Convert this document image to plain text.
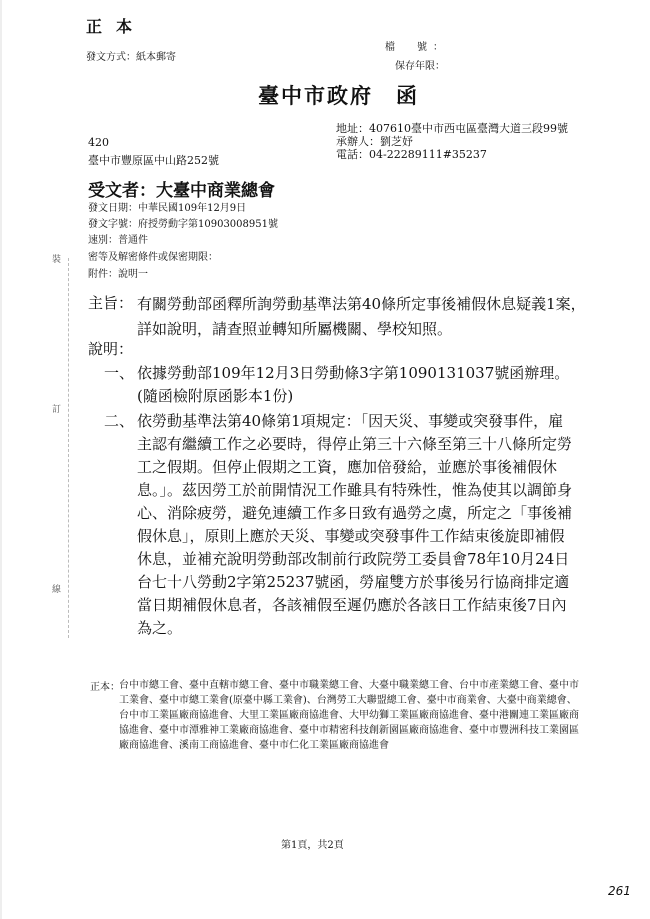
正本
發文方式：紙本郵寄
檔　號：
保存年限：
臺中市政府　函
地址：407610臺中市西屯區臺灣大道三段99號
承辦人：劉芝妤
電話：04-22289111#35237
420
臺中市豐原區中山路252號
受文者：大臺中商業總會
發文日期：中華民國109年12月9日
發文字號：府授勞動字第10903008951號
速別：普通件
密等及解密條件或保密期限：
附件：說明一
裝
訂
線
主旨： 有關勞動部函釋所詢勞動基準法第40條所定事後補假休息疑義1案，詳如說明，請查照並轉知所屬機關、學校知照。
說明：
一、 依據勞動部109年12月3日勞動條3字第1090131037號函辦理。(隨函檢附原函影本1份)
二、 依勞動基準法第40條第1項規定：「因天災、事變或突發事件，雇主認有繼續工作之必要時，得停止第三十六條至第三十八條所定勞工之假期。但停止假期之工資，應加倍發給，並應於事後補假休息。」。茲因勞工於前開情況工作雖具有特殊性，惟為使其以調節身心、消除疲勞，避免連續工作多日致有過勞之虞，所定之「事後補假休息」，原則上應於天災、事變或突發事件工作結束後旋即補假休息，並補充說明勞動部改制前行政院勞工委員會78年10月24日台七十八勞動2字第25237號函，勞雇雙方於事後另行協商排定適當日期補假休息者，各該補假至遲仍應於各該日工作結束後7日內為之。
正本： 台中市總工會、臺中直轄市總工會、臺中市職業總工會、大臺中職業總工會、台中市產業總工會、臺中市工業會、臺中市總工業會(原臺中縣工業會)、台灣勞工大聯盟總工會、臺中市商業會、大臺中商業總會、台中市工業區廠商協進會、大里工業區廠商協進會、大甲幼獅工業區廠商協進會、臺中港關連工業區廠商協進會、臺中市潭雅神工業廠商協進會、臺中市精密科技創新園區廠商協進會、臺中市豐洲科技工業園區廠商協進會、溪南工商協進會、臺中市仁化工業區廠商協進會
第1頁，共2頁
261
